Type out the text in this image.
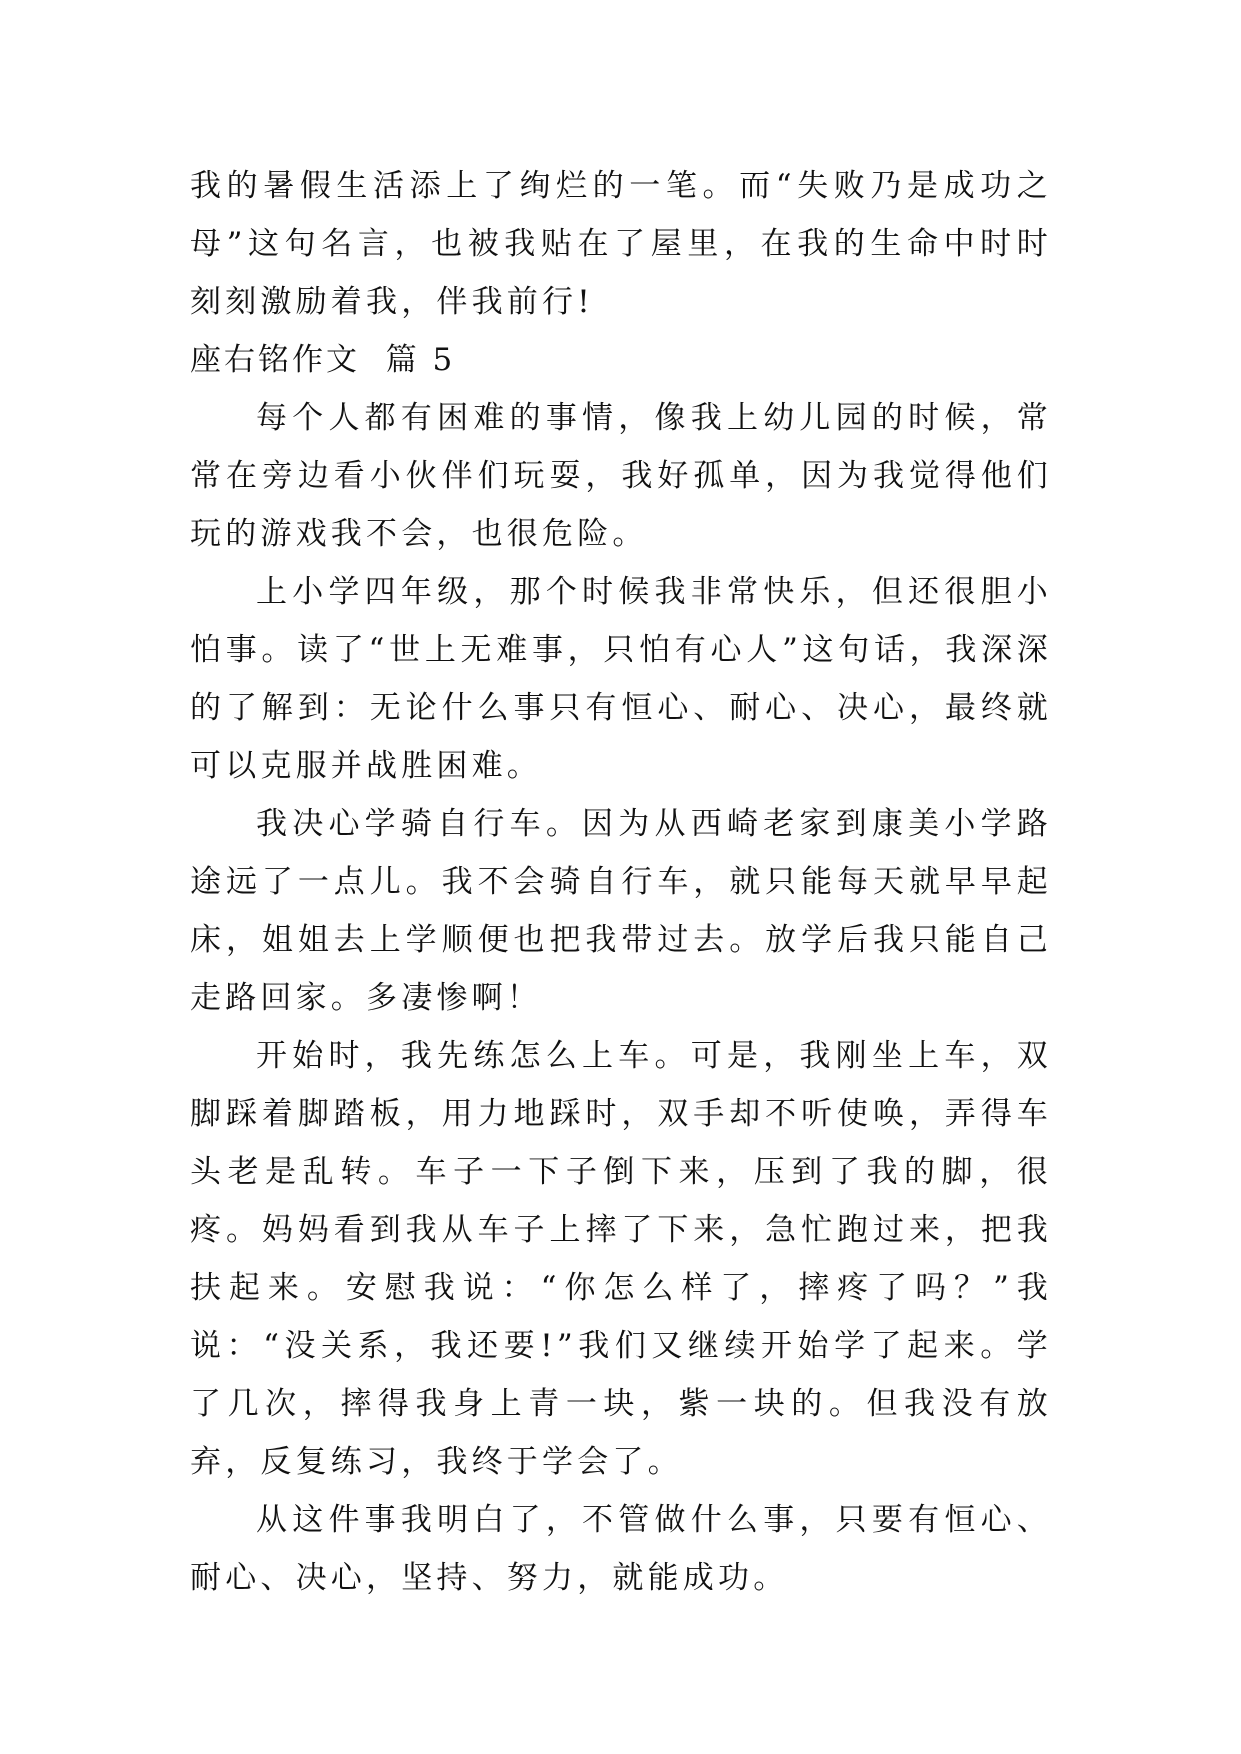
我的暑假生活添上了绚烂的一笔。而“失败乃是成功之母”这句名言，也被我贴在了屋里，在我的生命中时时刻刻激励着我，伴我前行!

座右铭作文  篇 5

每个人都有困难的事情，像我上幼儿园的时候，常常在旁边看小伙伴们玩耍，我好孤单，因为我觉得他们玩的游戏我不会，也很危险。

上小学四年级，那个时候我非常快乐，但还很胆小怕事。读了“世上无难事，只怕有心人”这句话，我深深的了解到：无论什么事只有恒心、耐心、决心，最终就可以克服并战胜困难。

我决心学骑自行车。因为从西崎老家到康美小学路途远了一点儿。我不会骑自行车，就只能每天就早早起床，姐姐去上学顺便也把我带过去。放学后我只能自己走路回家。多凄惨啊！

开始时，我先练怎么上车。可是，我刚坐上车，双脚踩着脚踏板，用力地踩时，双手却不听使唤，弄得车头老是乱转。车子一下子倒下来，压到了我的脚，很疼。妈妈看到我从车子上摔了下来，急忙跑过来，把我扶起来。安慰我说：“你怎么样了，摔疼了吗？”我说：“没关系，我还要!”我们又继续开始学了起来。学了几次，摔得我身上青一块，紫一块的。但我没有放弃，反复练习，我终于学会了。

从这件事我明白了，不管做什么事，只要有恒心、耐心、决心，坚持、努力，就能成功。
